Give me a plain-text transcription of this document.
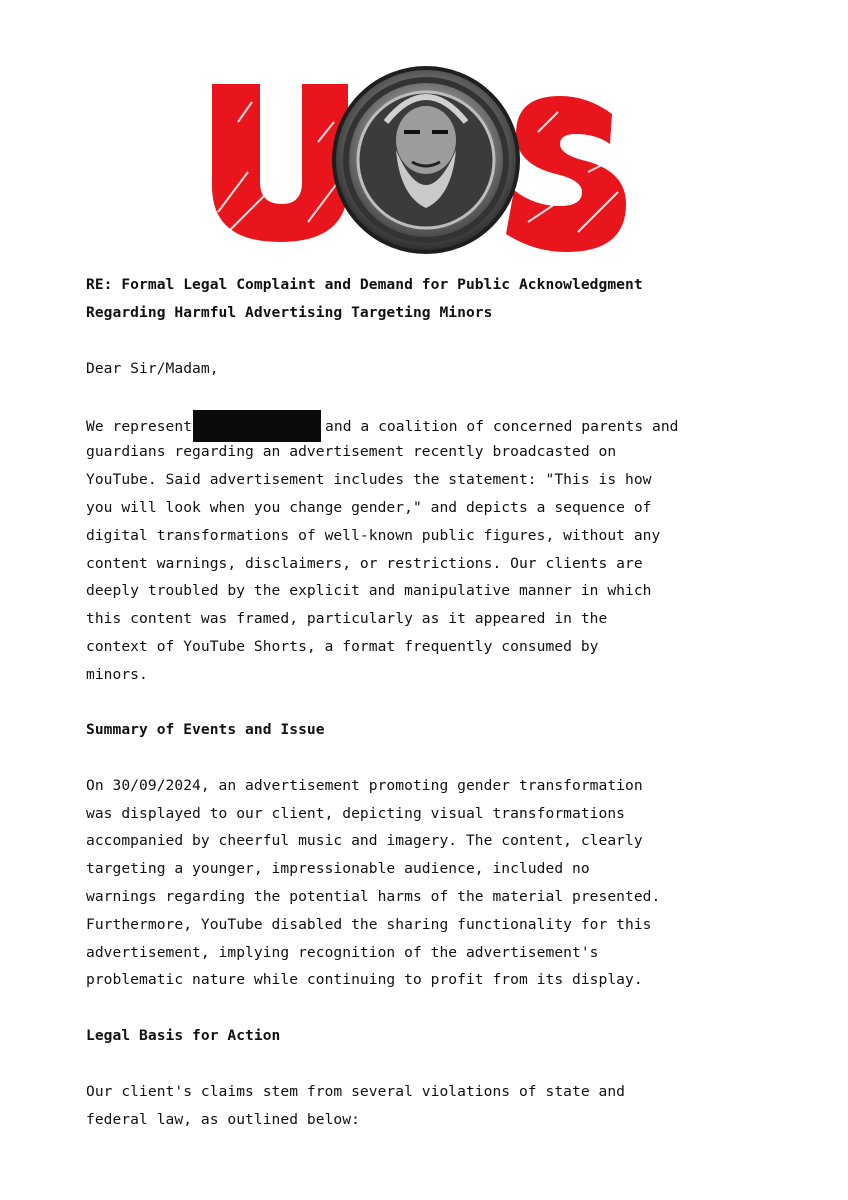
RE: Formal Legal Complaint and Demand for Public Acknowledgment
Regarding Harmful Advertising Targeting Minors
Dear Sir/Madam,
We represent	and a coalition of concerned parents and
guardians regarding an advertisement recently broadcasted on
YouTube. Said advertisement includes the statement: "This is how
you will look when you change gender," and depicts a sequence of
digital transformations of well-known public figures, without any
content warnings, disclaimers, or restrictions. Our clients are
deeply troubled by the explicit and manipulative manner in which
this content was framed, particularly as it appeared in the
context of YouTube Shorts, a format frequently consumed by
minors.
Summary of Events and Issue
On 30/09/2024, an advertisement promoting gender transformation
was displayed to our client, depicting visual transformations
accompanied by cheerful music and imagery. The content, clearly
targeting a younger, impressionable audience, included no
warnings regarding the potential harms of the material presented.
Furthermore, YouTube disabled the sharing functionality for this
advertisement, implying recognition of the advertisement's
problematic nature while continuing to profit from its display.
Legal Basis for Action
Our client's claims stem from several violations of state and
federal law, as outlined below:
